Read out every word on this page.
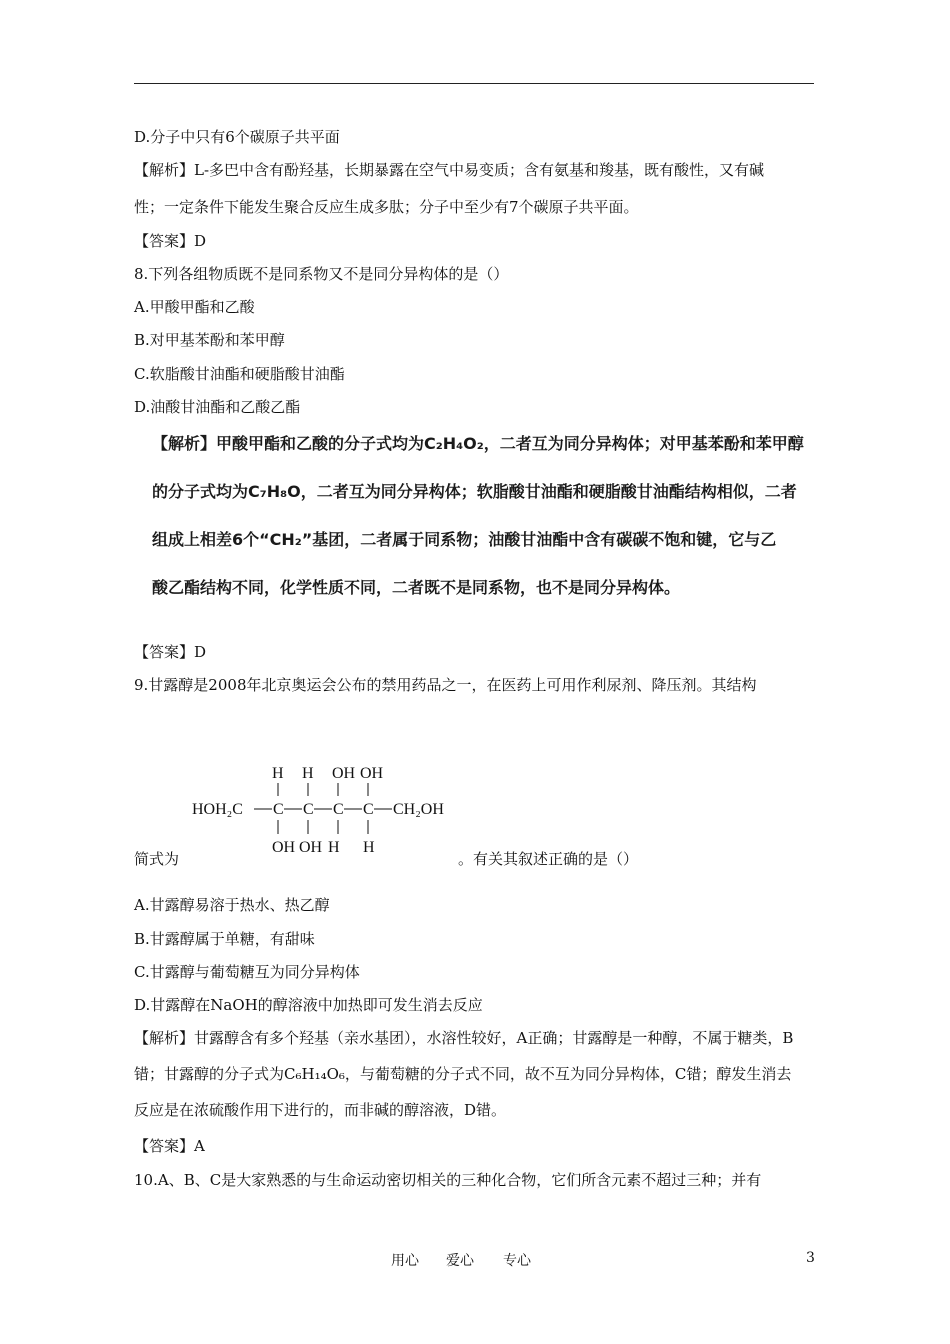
D.分子中只有6个碳原子共平面
【解析】L-多巴中含有酚羟基，长期暴露在空气中易变质；含有氨基和羧基，既有酸性，又有碱
性；一定条件下能发生聚合反应生成多肽；分子中至少有7个碳原子共平面。
【答案】D
8.下列各组物质既不是同系物又不是同分异构体的是（）
A.甲酸甲酯和乙酸
B.对甲基苯酚和苯甲醇
C.软脂酸甘油酯和硬脂酸甘油酯
D.油酸甘油酯和乙酸乙酯
【解析】甲酸甲酯和乙酸的分子式均为C₂H₄O₂，二者互为同分异构体；对甲基苯酚和苯甲醇
的分子式均为C₇H₈O，二者互为同分异构体；软脂酸甘油酯和硬脂酸甘油酯结构相似，二者
组成上相差6个“CH₂”基团，二者属于同系物；油酸甘油酯中含有碳碳不饱和键，它与乙
酸乙酯结构不同，化学性质不同，二者既不是同系物，也不是同分异构体。
【答案】D
9.甘露醇是2008年北京奥运会公布的禁用药品之一，在医药上可用作利尿剂、降压剂。其结构
H H OH OH
HOH₂C C C C C CH₂OH
OH OH H H
简式为	。有关其叙述正确的是（）
A.甘露醇易溶于热水、热乙醇
B.甘露醇属于单糖，有甜味
C.甘露醇与葡萄糖互为同分异构体
D.甘露醇在NaOH的醇溶液中加热即可发生消去反应
【解析】甘露醇含有多个羟基（亲水基团），水溶性较好，A正确；甘露醇是一种醇，不属于糖类，B
错；甘露醇的分子式为C₆H₁₄O₆，与葡萄糖的分子式不同，故不互为同分异构体，C错；醇发生消去
反应是在浓硫酸作用下进行的，而非碱的醇溶液，D错。
【答案】A
10.A、B、C是大家熟悉的与生命运动密切相关的三种化合物，它们所含元素不超过三种；并有
用心 爱心 专心	3
